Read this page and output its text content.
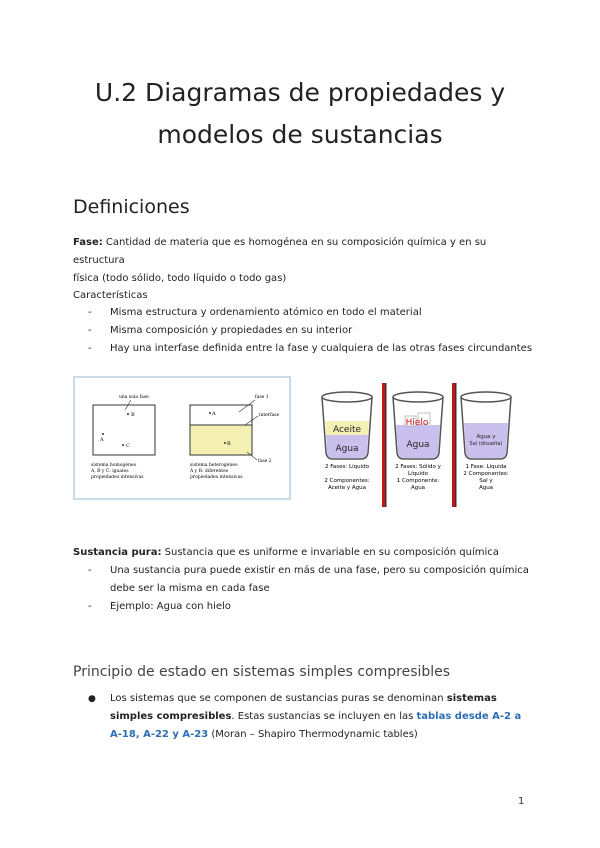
U.2 Diagramas de propiedades y
modelos de sustancias
Definiciones

Fase: Cantidad de materia que es homogénea en su composición química y en su estructura
física (todo sólido, todo líquido o todo gas)

Características

- Misma estructura y ordenamiento atómico en todo el material
- Misma composición y propiedades en su interior
- Hay una interfase definida entre la fase y cualquiera de las otras fases circundantes
una sola fase
B
A
C
sistema homogéneo
A, B y C: iguales
propiedades intensivas
fase 1
interfase
fase 2
A
B
sistema heterogéneo
A y B: diferentes
propiedades intensivas
Aceite
Agua
2 Fases: Líquido
2 Componentes:
Aceite y Agua
Hielo
Agua
2 Fases: Sólido y
Líquido
1 Componente:
Agua
Agua y
Sal (disuelta)
1 Fase: Líquida
2 Componentes:
Sal y
Agua

Sustancia pura: Sustancia que es uniforme e invariable en su composición química

- Una sustancia pura puede existir en más de una fase, pero su composición química
debe ser la misma en cada fase
- Ejemplo: Agua con hielo
Principio de estado en sistemas simples compresibles
● Los sistemas que se componen de sustancias puras se denominan sistemas simples compresibles. Estas sustancias se incluyen en las tablas desde A-2 a A-18, A-22 y A-23 (Moran – Shapiro Thermodynamic tables)
1
